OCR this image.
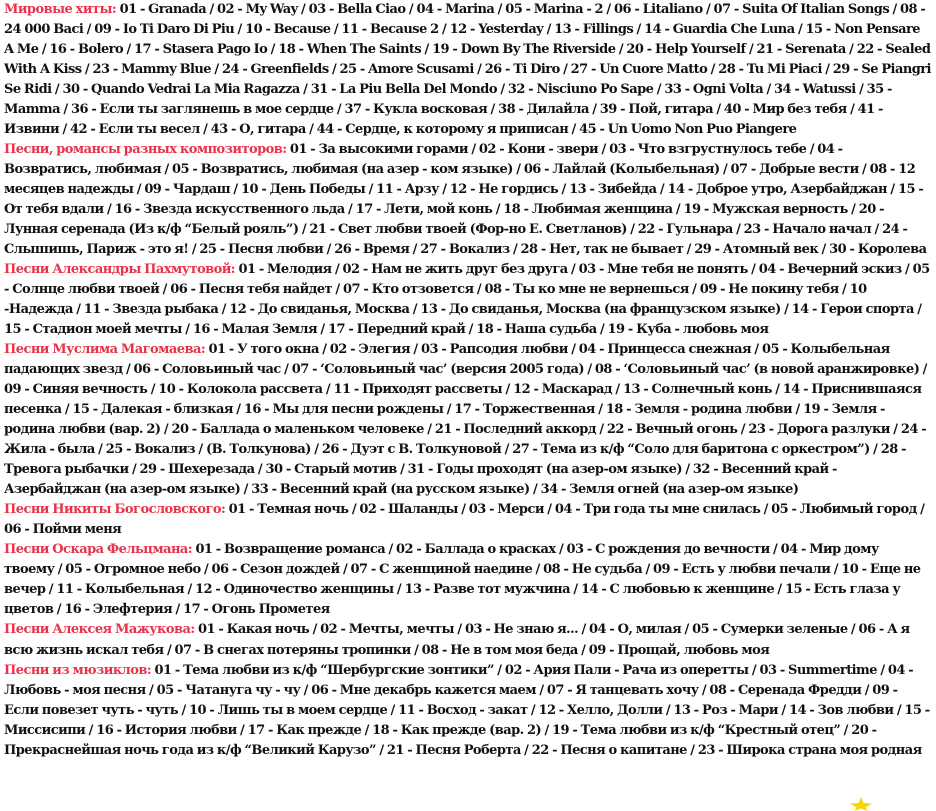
Мировые хиты: 01 - Granada / 02 - My Way / 03 - Bella Ciao / 04 - Marina / 05 - Marina - 2 / 06 - Litaliano / 07 - Suita Of Italian Songs / 08 - 24 000 Baci / 09 - Io Ti Daro Di Piu / 10 - Because / 11 - Because 2 / 12 - Yesterday / 13 - Fillings / 14 - Guardia Che Luna / 15 - Non Pensare A Me / 16 - Bolero / 17 - Stasera Pago Io / 18 - When The Saints / 19 - Down By The Riverside / 20 - Help Yourself / 21 - Serenata / 22 - Sealed With A Kiss / 23 - Mammy Blue / 24 - Greenfields / 25 - Amore Scusami / 26 - Ti Diro / 27 - Un Cuore Matto / 28 - Tu Mi Piaci / 29 - Se Piangri Se Ridi / 30 - Quando Vedrai La Mia Ragazza / 31 - La Piu Bella Del Mondo / 32 - Nisciuno Po Sape / 33 - Ogni Volta / 34 - Watussi / 35 - Mamma / 36 - Если ты заглянешь в мое сердце / 37 - Кукла восковая / 38 - Дилайла / 39 - Пой, гитара / 40 - Мир без тебя / 41 - Извини / 42 - Если ты весел / 43 - О, гитара / 44 - Сердце, к которому я приписан / 45 - Un Uomo Non Puo Piangere

Песни, романсы разных композиторов: 01 - За высокими горами / 02 - Кони - звери / 03 - Что взгрустнулось тебе / 04 - Возвратись, любимая / 05 - Возвратись, любимая (на азер - ком языке) / 06 - Лайлай (Колыбельная) / 07 - Добрые вести / 08 - 12 месяцев надежды / 09 - Чардаш / 10 - День Победы / 11 - Арзу / 12 - Не гордись / 13 - Зибейда / 14 - Доброе утро, Азербайджан / 15 - От тебя вдали / 16 - Звезда искусственного льда / 17 - Лети, мой конь / 18 - Любимая женщина / 19 - Мужская верность / 20 - Лунная серенада (Из к/ф “Белый рояль”) / 21 - Свет любви твоей (Фор-но Е. Светланов) / 22 - Гульнара / 23 - Начало начал / 24 - Слышишь, Париж - это я! / 25 - Песня любви / 26 - Время / 27 - Вокализ / 28 - Нет, так не бывает / 29 - Атомный век / 30 - Королева

Песни Александры Пахмутовой: 01 - Мелодия / 02 - Нам не жить друг без друга / 03 - Мне тебя не понять / 04 - Вечерний эскиз / 05 - Солнце любви твоей / 06 - Песня тебя найдет / 07 - Кто отзовется / 08 - Ты ко мне не вернешься / 09 - Не покину тебя / 10 -Надежда / 11 - Звезда рыбака / 12 - До свиданья, Москва / 13 - До свиданья, Москва (на французском языке) / 14 - Герои спорта / 15 - Стадион моей мечты / 16 - Малая Земля / 17 - Передний край / 18 - Наша судьба / 19 - Куба - любовь моя

Песни Муслима Магомаева: 01 - У того окна / 02 - Элегия / 03 - Рапсодия любви / 04 - Принцесса снежная / 05 - Колыбельная падающих звезд / 06 - Соловьиный час / 07 - ‘Соловьиный час’ (версия 2005 года) / 08 - ‘Соловьиный час’ (в новой аранжировке) / 09 - Синяя вечность / 10 - Колокола рассвета / 11 - Приходят рассветы / 12 - Маскарад / 13 - Солнечный конь / 14 - Приснившаяся песенка / 15 - Далекая - близкая / 16 - Мы для песни рождены / 17 - Торжественная / 18 - Земля - родина любви / 19 - Земля - родина любви (вар. 2) / 20 - Баллада о маленьком человеке / 21 - Последний аккорд / 22 - Вечный огонь / 23 - Дорога разлуки / 24 - Жила - была / 25 - Вокализ / (В. Толкунова) / 26 - Дуэт с В. Толкуновой / 27 - Тема из к/ф “Соло для баритона с оркестром”) / 28 - Тревога рыбачки / 29 - Шехерезада / 30 - Старый мотив / 31 - Годы проходят (на азер-ом языке) / 32 - Весенний край - Азербайджан (на азер-ом языке) / 33 - Весенний край (на русском языке) / 34 - Земля огней (на азер-ом языке)

Песни Никиты Богословского: 01 - Темная ночь / 02 - Шаланды / 03 - Мерси / 04 - Три года ты мне снилась / 05 - Любимый город / 06 - Пойми меня

Песни Оскара Фельцмана: 01 - Возвращение романса / 02 - Баллада о красках / 03 - С рождения до вечности / 04 - Мир дому твоему / 05 - Огромное небо / 06 - Сезон дождей / 07 - С женщиной наедине / 08 - Не судьба / 09 - Есть у любви печали / 10 - Еще не вечер / 11 - Колыбельная / 12 - Одиночество женщины / 13 - Разве тот мужчина / 14 - С любовью к женщине / 15 - Есть глаза у цветов / 16 - Элефтерия / 17 - Огонь Прометея

Песни Алексея Мажукова: 01 - Какая ночь / 02 - Мечты, мечты / 03 - Не знаю я... / 04 - О, милая / 05 - Сумерки зеленые / 06 - А я всю жизнь искал тебя / 07 - В снегах потеряны тропинки / 08 - Не в том моя беда / 09 - Прощай, любовь моя

Песни из мюзиклов: 01 - Тема любви из к/ф “Шербургские зонтики” / 02 - Ария Пали - Рача из оперетты / 03 - Summertime / 04 - Любовь - моя песня / 05 - Чатануга чу - чу / 06 - Мне декабрь кажется маем / 07 - Я танцевать хочу / 08 - Серенада Фредди / 09 - Если повезет чуть - чуть / 10 - Лишь ты в моем сердце / 11 - Восход - закат / 12 - Хелло, Долли / 13 - Роз - Мари / 14 - Зов любви / 15 - Миссисипи / 16 - История любви / 17 - Как прежде / 18 - Как прежде (вар. 2) / 19 - Тема любви из к/ф “Крестный отец” / 20 - Прекраснейшая ночь года из к/ф “Великий Карузо” / 21 - Песня Роберта / 22 - Песня о капитане / 23 - Широка страна моя родная
